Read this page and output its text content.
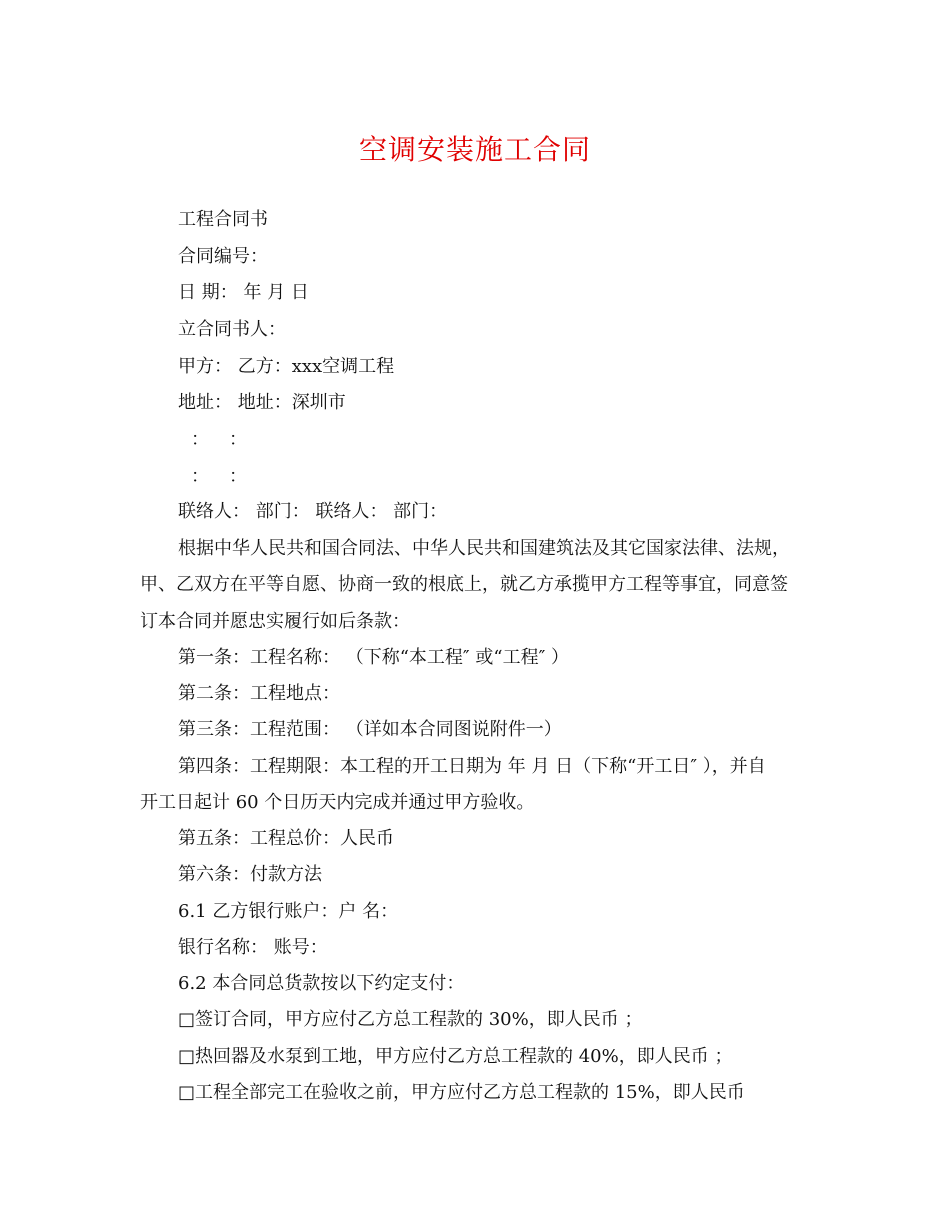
空调安装施工合同
工程合同书
合同编号：
日 期： 年 月 日
立合同书人：
甲方： 乙方：xxx空调工程
地址： 地址：深圳市
： ：
： ：
联络人： 部门： 联络人： 部门：
根据中华人民共和国合同法、中华人民共和国建筑法及其它国家法律、法规，
甲、乙双方在平等自愿、协商一致的根底上，就乙方承揽甲方工程等事宜，同意签
订本合同并愿忠实履行如后条款：
第一条：工程名称： （下称“本工程″ 或“工程″ ）
第二条：工程地点：
第三条：工程范围： （详如本合同图说附件一）
第四条：工程期限：本工程的开工日期为 年 月 日（下称“开工日″ ），并自
开工日起计 60 个日历天内完成并通过甲方验收。
第五条：工程总价：人民币
第六条：付款方法
6.1 乙方银行账户：户 名：
银行名称： 账号：
6.2 本合同总货款按以下约定支付：
□签订合同，甲方应付乙方总工程款的 30%，即人民币 ；
□热回器及水泵到工地，甲方应付乙方总工程款的 40%，即人民币 ；
□工程全部完工在验收之前，甲方应付乙方总工程款的 15%，即人民币
